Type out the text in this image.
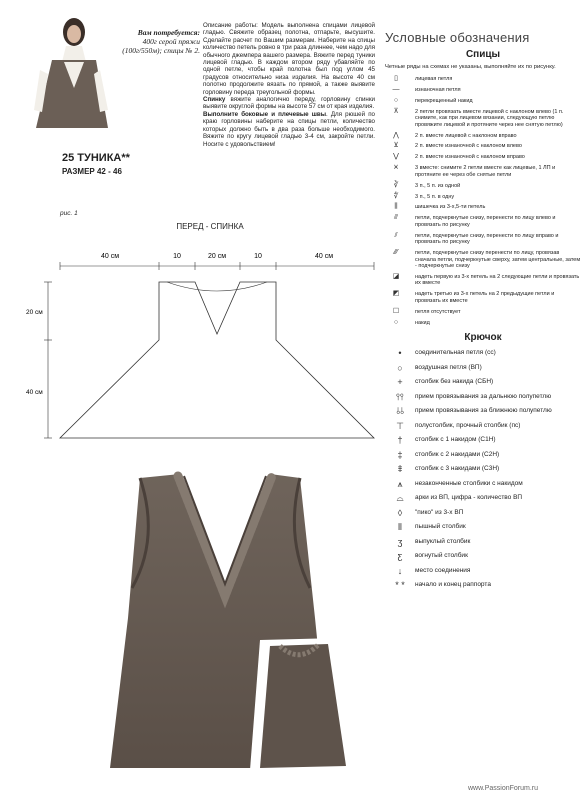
Вам потребуется:
400г серой пряжи (100г/550м); спицы № 2.
25 ТУНИКА**
РАЗМЕР 42 - 46

Описание работы: Модель выполнена спицами лицевой гладью. Свяжите образец полотна, отпарьте, высушите. Сделайте расчет по Вашим размерам. Наберите на спицы количество петель ровно в три раза длиннее, чем надо для обычного джемпера вашего размера. Вяжите перед туники лицевой гладью. В каждом втором ряду убавляйте по одной петле, чтобы край полотна был под углом 45 градусов относительно низа изделия. На высоте 40 см полотно продолжите вязать по прямой, а также выявите горловину переда треугольной формы.

Спинку вяжите аналогично переду, горловину спинки выявите округлой формы на высоте 57 см от края изделия.

Выполните боковые и плечевые швы. Для рюшей по краю горловины наберите на спицы петли, количество которых должно быть в два раза больше необходимого. Вяжите по кругу лицевой гладью 3-4 см, закройте петли. Носите с удовольствием!

рис. 1
ПЕРЕД - СПИНКА
40 см	10	20 см	10	40 см
20 см
40 см
Условные обозначения
Спицы
Четные ряды на схемах не указаны, выполняйте их по рисунку.
▯	лицевая петля
—	изнаночная петля
○	перекрещенный накид
⊼	2 петли провязать вместе лицевой с наклоном влево (1 п. снимите, как при лицевом вязании, следующую петлю провяжите лицевой и протяните через нее снятую петлю)
⋀	2 п. вместе лицевой с наклоном вправо
⊻	2 п. вместе изнаночной с наклоном влево
⋁	2 п. вместе изнаночной с наклоном вправо
⩙	3 вместе: снимите 2 петли вместе как лицевые, 1 ЛП и протяните ее через обе снятые петли
∛	3 п., 5 п. из одной
∜	3 п., 5 п. в одну
⫼	шишечка из 3-х,5-ти петель
⫻	петли, подчеркнутые снизу, перенести по лицу влево и провязать по рисунку
⫽	петли, подчеркнутые снизу, перенести по лицу вправо и провязать по рисунку
⁄⁄⁄	петли, подчеркнутые снизу перенести по лицу, провязав сначала петли, подчеркнутые сверху, затем центральные, затем - подчеркнутые снизу
◪	надеть первую из 3-х петель на 2 следующие петли и провязать их вместе
◩	надеть третью из 3-х петель на 2 предыдущие петли и провязать их вместе
☐	петля отсутствует
○	накид
Крючок
•	соединительная петля (сс)
○	воздушная петля (ВП)
+	столбик без накида (СБН)
⫯⫯	прием провязывания за дальнюю полупетлю
⫰⫰	прием провязывания за ближнюю полупетлю
⊤	полустолбик, прочный столбик (пс)
†	столбик с 1 накидом (С1Н)
‡	столбик с 2 накидами (С2Н)
⹋	столбик с 3 накидами (С3Н)
⩚	незаконченные столбики с накидом
⌓	арки из ВП, цифра - количество ВП
◊	"пико" из 3-х ВП
⦀	пышный столбик
ʒ	выпуклый столбик
ƹ	вогнутый столбик
↓	место соединения
* *	начало и конец раппорта
www.PassionForum.ru
